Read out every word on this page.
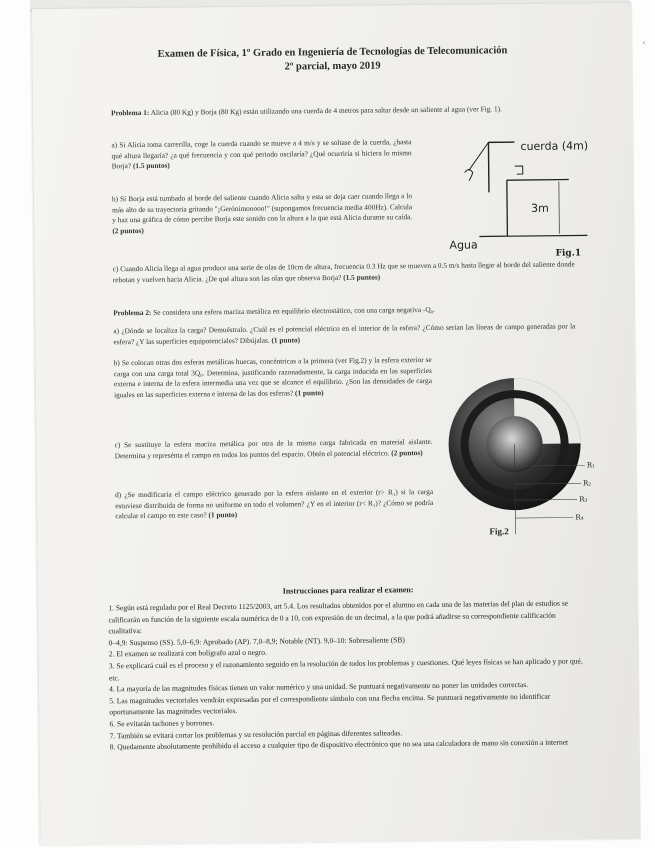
‹
Examen de Física, 1º Grado en Ingeniería de Tecnologías de Telecomunicación
2º parcial, mayo 2019
Problema 1: Alicia (80 Kg) y Borja (80 Kg) están utilizando una cuerda de 4 metros para saltar desde un saliente al agua (ver Fig. 1).
a) Si Alicia toma carrerilla, coge la cuerda cuando se mueve a 4 m/s y se soltase de la cuerda, ¿hasta qué altura llegaría? ¿a qué frecuencia y con qué periodo oscilaría? ¿Qué ocurriría si hiciera lo mismo Borja? (1.5 puntos)
b) Si Borja está tumbado al borde del saliente cuando Alicia salta y esta se deja caer cuando llega a lo más alto de su trayectoria gritando "¡Gerónimooooo!" (supongamos frecuencia media 400Hz). Calcula y haz una gráfica de cómo percibe Borja este sonido con la altura a la que está Alicia durante su caída. (2 puntos)
c) Cuando Alicia llega al agua produce una serie de olas de 10cm de altura, frecuencia 0.3 Hz que se mueven a 0.5 m/s hasta llegar al borde del saliente donde rebotan y vuelven hacia Alicia. ¿De qué altura son las olas que observa Borja? (1.5 puntos)
cuerda (4m)
3m
Agua
Fig.1
Problema 2: Se considera una esfera maciza metálica en equilibrio electrostático, con una carga negativa -Q₀.
a) ¿Dónde se localiza la carga? Demuéstralo. ¿Cuál es el potencial eléctrico en el interior de la esfera? ¿Cómo serían las líneas de campo generadas por la esfera? ¿Y las superficies equipotenciales? Dibújalas. (1 punto)
b) Se colocan otras dos esferas metálicas huecas, concéntricas a la primera (ver Fig.2) y la esfera exterior se carga con una carga total 3Q₀. Determina, justificando razonadamente, la carga inducida en las superficies externa e interna de la esfera intermedia una vez que se alcance el equilibrio. ¿Son las densidades de carga iguales en las superficies externa e interna de las dos esferas? (1 punto)
c) Se sustituye la esfera maciza metálica por otra de la misma carga fabricada en material aislante. Determina y represénta el campo en todos los puntos del espacio. Obtén el potencial eléctrico. (2 puntos)
d) ¿Se modificaría el campo eléctrico generado por la esfera aislante en el exterior (r> R₁) si la carga estuviese distribuida de forma no uniforme en todo el volumen? ¿Y en el interior (r< R₁)? ¿Cómo se podría calcular el campo en este caso? (1 punto)
R₁
R₂
R₃
R₄
Fig.2
Instrucciones para realizar el examen:
1. Según está regulado por el Real Decreto 1125/2003, art 5.4. Los resultados obtenidos por el alumno en cada una de las materias del plan de estudios se calificarán en función de la siguiente escala numérica de 0 a 10, con expresión de un decimal, a la que podrá añadirse su correspondiente calificación cualitativa:
0–4,9: Suspenso (SS). 5,0–6,9: Aprobado (AP). 7,0–8,9; Notable (NT). 9,0–10: Sobresaliente (SB)
2. El examen se realizará con bolígrafo azul o negro.
3. Se explicará cuál es el proceso y el razonamiento seguido en la resolución de todos los problemas y cuestiones. Qué leyes físicas se han aplicado y por qué, etc.
4. La mayoría de las magnitudes físicas tienen un valor numérico y una unidad. Se puntuará negativamente no poner las unidades correctas.
5. Las magnitudes vectoriales vendrán expresadas por el correspondiente símbolo con una flecha encima. Se puntuará negativamente no identificar oportunamente las magnitudes vectoriales.
6. Se evitarán tachones y borrones.
7. También se evitará cortar los problemas y su resolución parcial en páginas diferentes salteadas.
8. Quedamente absolutamente prohibido el acceso a cualquier tipo de dispositivo electrónico que no sea una calculadora de mano sin conexión a internet
